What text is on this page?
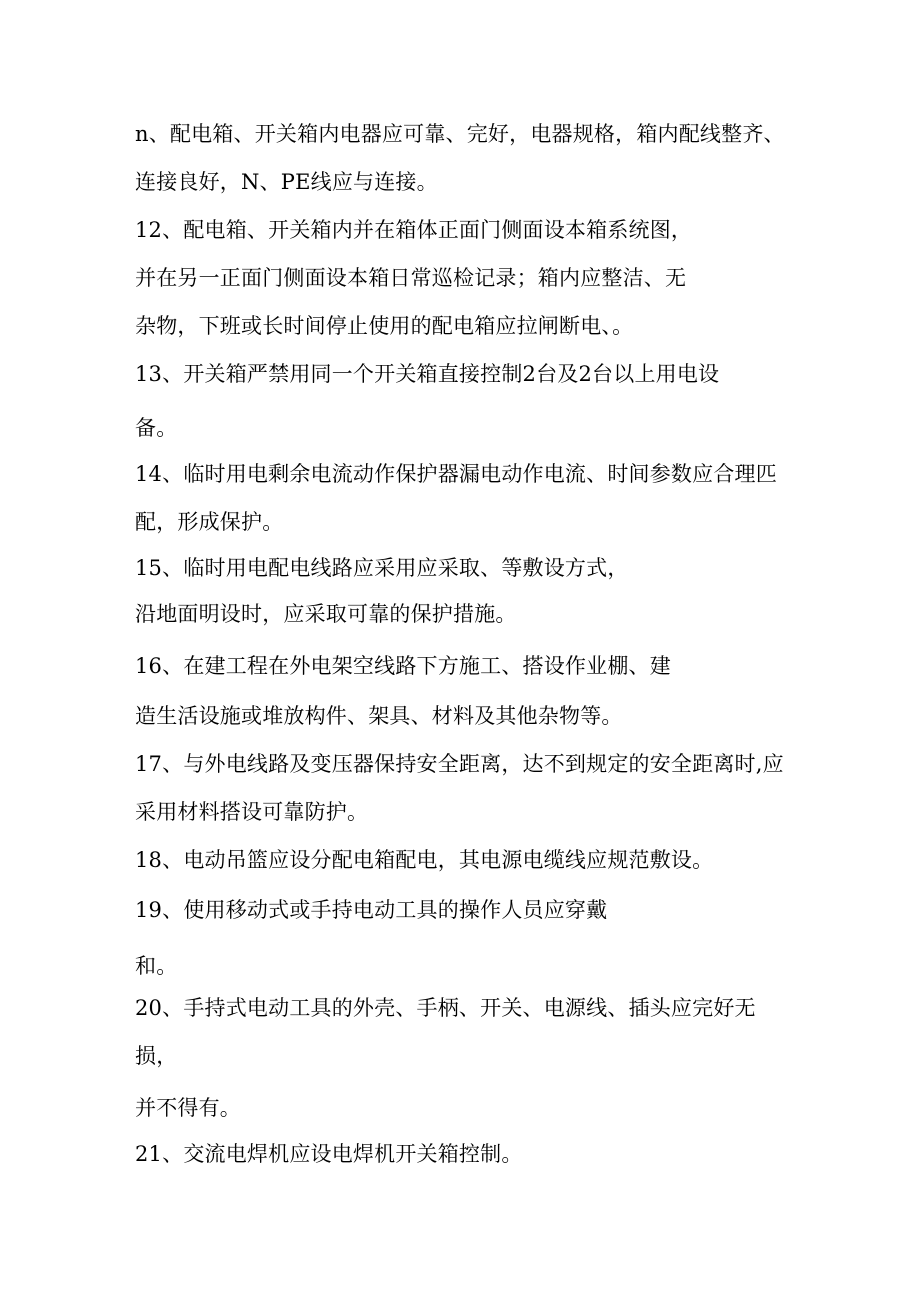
n、配电箱、开关箱内电器应可靠、完好，电器规格，箱内配线整齐、
连接良好，N、PE线应与连接。
12、配电箱、开关箱内并在箱体正面门侧面设本箱系统图，
并在另一正面门侧面设本箱日常巡检记录；箱内应整洁、无
杂物，下班或长时间停止使用的配电箱应拉闸断电、。
13、开关箱严禁用同一个开关箱直接控制2台及2台以上用电设
备。
14、临时用电剩余电流动作保护器漏电动作电流、时间参数应合理匹
配，形成保护。
15、临时用电配电线路应采用应采取、等敷设方式，
沿地面明设时，应采取可靠的保护措施。
16、在建工程在外电架空线路下方施工、搭设作业棚、建
造生活设施或堆放构件、架具、材料及其他杂物等。
17、与外电线路及变压器保持安全距离，达不到规定的安全距离时,应
采用材料搭设可靠防护。
18、电动吊篮应设分配电箱配电，其电源电缆线应规范敷设。
19、使用移动式或手持电动工具的操作人员应穿戴
和。
20、手持式电动工具的外壳、手柄、开关、电源线、插头应完好无
损，
并不得有。
21、交流电焊机应设电焊机开关箱控制。
